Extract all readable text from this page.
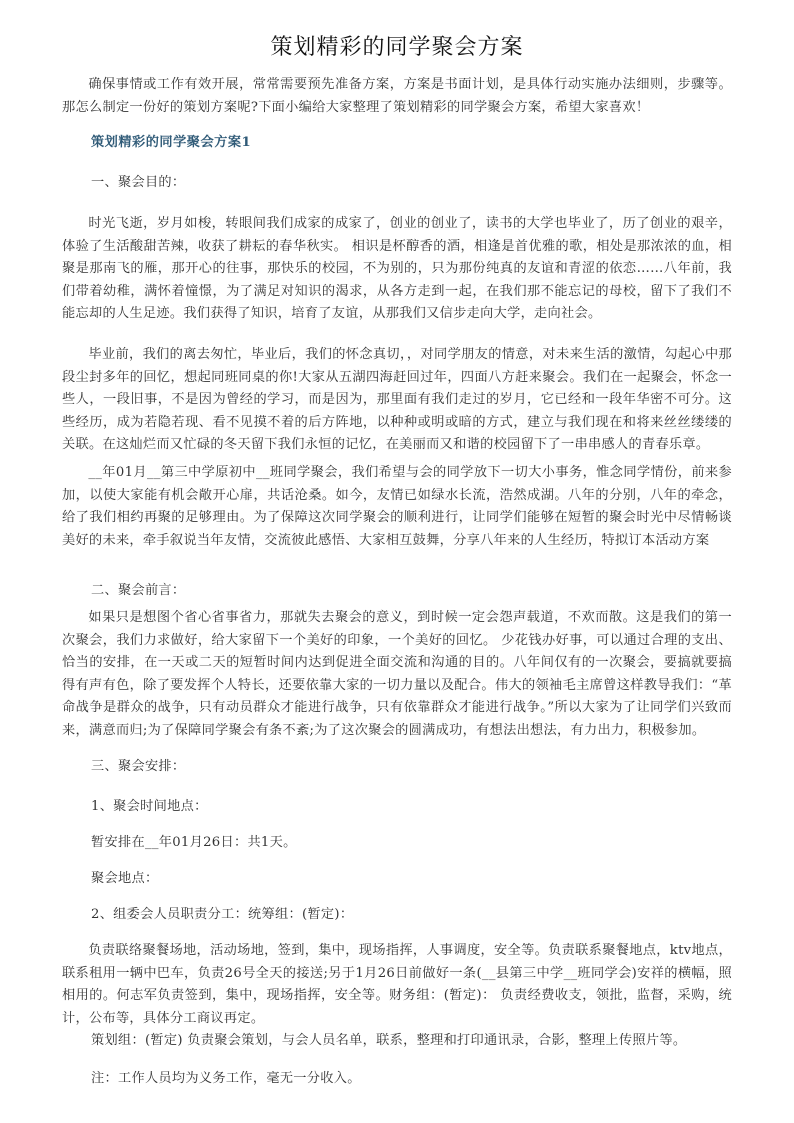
策划精彩的同学聚会方案
确保事情或工作有效开展，常常需要预先准备方案，方案是书面计划，是具体行动实施办法细则，步骤等。那怎么制定一份好的策划方案呢?下面小编给大家整理了策划精彩的同学聚会方案，希望大家喜欢！
策划精彩的同学聚会方案1
一、聚会目的：
时光飞逝，岁月如梭，转眼间我们成家的成家了，创业的创业了，读书的大学也毕业了，历了创业的艰辛，体验了生活酸甜苦辣，收获了耕耘的春华秋实。 相识是杯醇香的酒，相逢是首优雅的歌，相处是那浓浓的血，相聚是那南飞的雁，那开心的往事，那快乐的校园，不为别的，只为那份纯真的友谊和青涩的依恋……八年前，我们带着幼稚，满怀着憧憬，为了满足对知识的渴求，从各方走到一起，在我们那不能忘记的母校，留下了我们不能忘却的人生足迹。我们获得了知识，培育了友谊，从那我们又信步走向大学，走向社会。
毕业前，我们的离去匆忙，毕业后，我们的怀念真切，，对同学朋友的情意，对未来生活的激情，勾起心中那段尘封多年的回忆，想起同班同桌的你!大家从五湖四海赶回过年，四面八方赶来聚会。我们在一起聚会，怀念一些人，一段旧事，不是因为曾经的学习，而是因为，那里面有我们走过的岁月，它已经和一段年华密不可分。这些经历，成为若隐若现、看不见摸不着的后方阵地，以种种或明或暗的方式，建立与我们现在和将来丝丝缕缕的关联。在这灿烂而又忙碌的冬天留下我们永恒的记忆，在美丽而又和谐的校园留下了一串串感人的青春乐章。
__年01月__第三中学原初中__班同学聚会，我们希望与会的同学放下一切大小事务，惟念同学情份，前来参加，以使大家能有机会敞开心扉，共话沧桑。如今，友情已如绿水长流，浩然成湖。八年的分别，八年的牵念，给了我们相约再聚的足够理由。为了保障这次同学聚会的顺利进行，让同学们能够在短暂的聚会时光中尽情畅谈美好的未来，牵手叙说当年友情，交流彼此感悟、大家相互鼓舞，分享八年来的人生经历，特拟订本活动方案
二、聚会前言：
如果只是想图个省心省事省力，那就失去聚会的意义，到时候一定会怨声载道，不欢而散。这是我们的第一次聚会，我们力求做好，给大家留下一个美好的印象，一个美好的回忆。 少花钱办好事，可以通过合理的支出、恰当的安排，在一天或二天的短暂时间内达到促进全面交流和沟通的目的。八年间仅有的一次聚会，要搞就要搞得有声有色，除了要发挥个人特长，还要依靠大家的一切力量以及配合。伟大的领袖毛主席曾这样教导我们：“革命战争是群众的战争，只有动员群众才能进行战争，只有依靠群众才能进行战争。”所以大家为了让同学们兴致而来，满意而归;为了保障同学聚会有条不紊;为了这次聚会的圆满成功，有想法出想法，有力出力，积极参加。
三、聚会安排：
1、聚会时间地点：
暂安排在__年01月26日：共1天。
聚会地点：
2、组委会人员职责分工：统筹组：(暂定)：
负责联络聚餐场地，活动场地，签到，集中，现场指挥，人事调度，安全等。负责联系聚餐地点，ktv地点，联系租用一辆中巴车，负责26号全天的接送;另于1月26日前做好一条(__县第三中学__班同学会)安祥的横幅，照相用的。何志军负责签到，集中，现场指挥，安全等。财务组：(暂定)： 负责经费收支，领批，监督，采购，统计，公布等，具体分工商议再定。
策划组：(暂定) 负责聚会策划，与会人员名单，联系，整理和打印通讯录，合影，整理上传照片等。
注：工作人员均为义务工作，毫无一分收入。
